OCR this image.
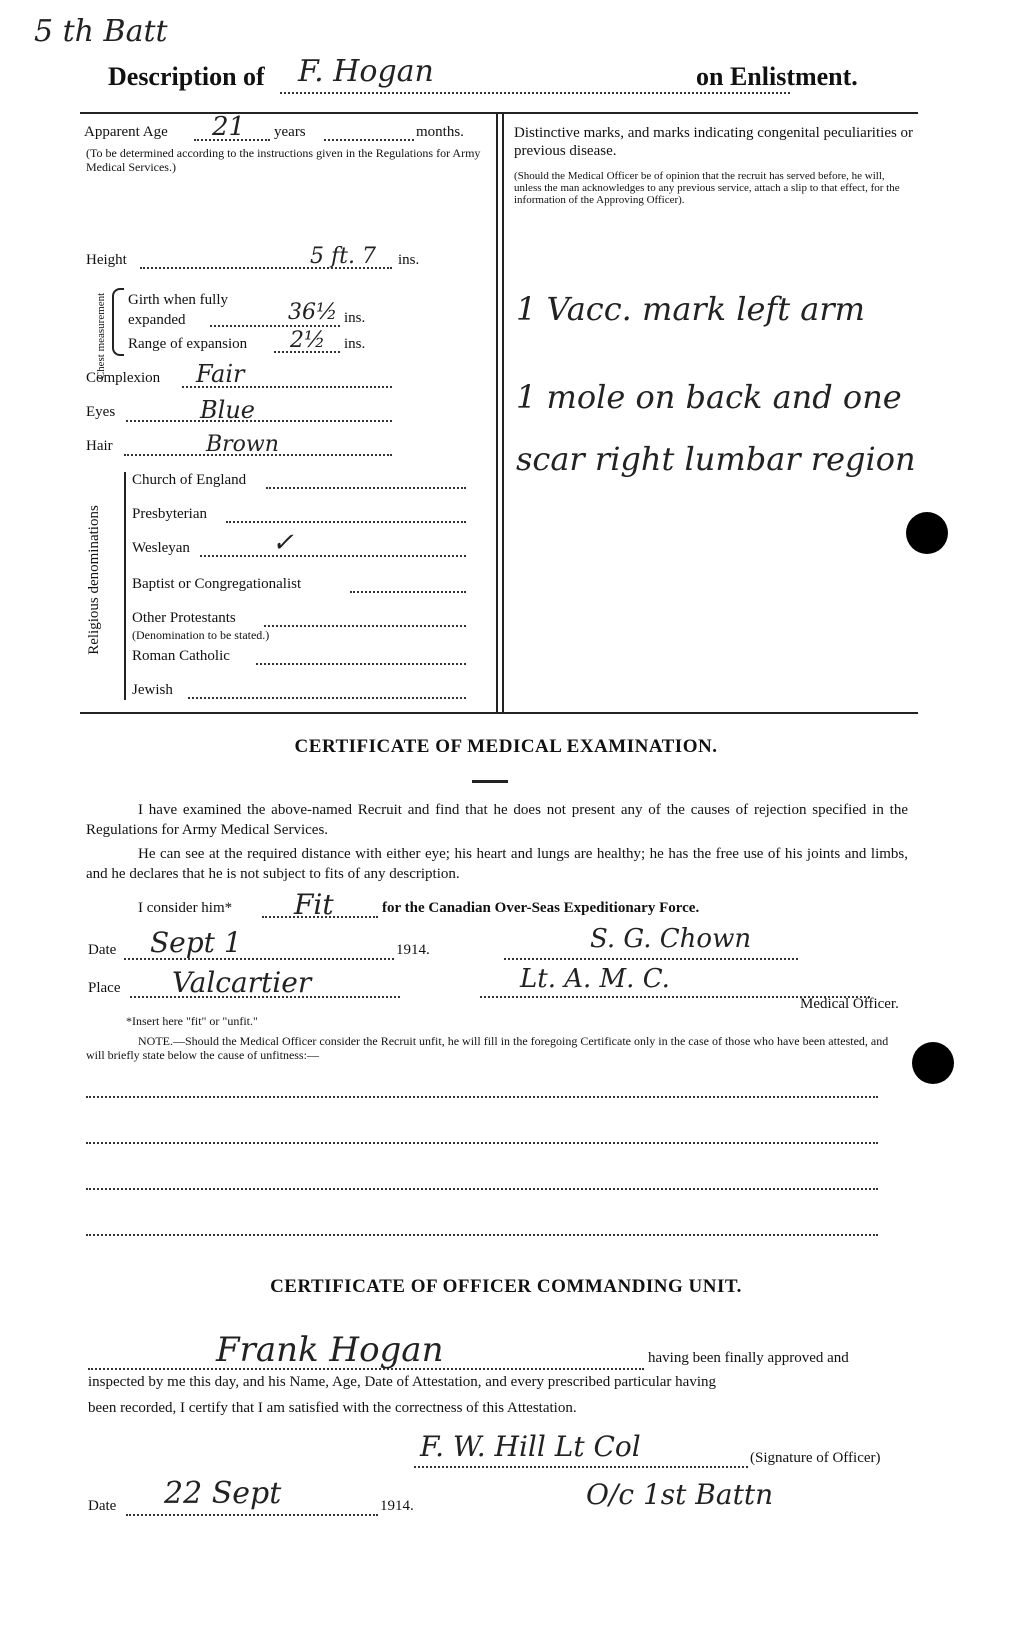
5 th Batt
Description of F. Hogan	on Enlistment.
Apparent Age 21 years	months.
(To be determined according to the instructions given in the Regulations for Army Medical Services.)
Height	5 ft. 7 ins.
Chest measurement Girth when fully expanded	36½ ins.
Range of expansion 2½ ins.
Complexion Fair
Eyes	Blue
Hair	Brown
Religious denominations
Church of England
Presbyterian
Wesleyan	✓
Baptist or Congregationalist
Other Protestants
(Denomination to be stated.)
Roman Catholic
Jewish
Distinctive marks, and marks indicating congenital peculiarities or previous disease.
(Should the Medical Officer be of opinion that the recruit has served before, he will, unless the man acknowledges to any previous service, attach a slip to that effect, for the information of the Approving Officer).
1 Vacc. mark left arm
1 mole on back and one
scar right lumbar region
CERTIFICATE OF MEDICAL EXAMINATION.
I have examined the above-named Recruit and find that he does not present any of the causes of rejection specified in the Regulations for Army Medical Services.
He can see at the required distance with either eye; his heart and lungs are healthy; he has the free use of his joints and limbs, and he declares that he is not subject to fits of any description.
I consider him* Fit	for the Canadian Over-Seas Expeditionary Force.
Date Sept 1	1914.	S. G. Chown
Place Valcartier	Lt. A. M. C.
Medical Officer.
*Insert here "fit" or "unfit."
NOTE.—Should the Medical Officer consider the Recruit unfit, he will fill in the foregoing Certificate only in the case of those who have been attested, and will briefly state below the cause of unfitness:—
CERTIFICATE OF OFFICER COMMANDING UNIT.
Frank Hogan	having been finally approved and
inspected by me this day, and his Name, Age, Date of Attestation, and every prescribed particular having
been recorded, I certify that I am satisfied with the correctness of this Attestation.
F. W. Hill Lt Col	(Signature of Officer)
O/c 1st Battn
Date 22 Sept	1914.
